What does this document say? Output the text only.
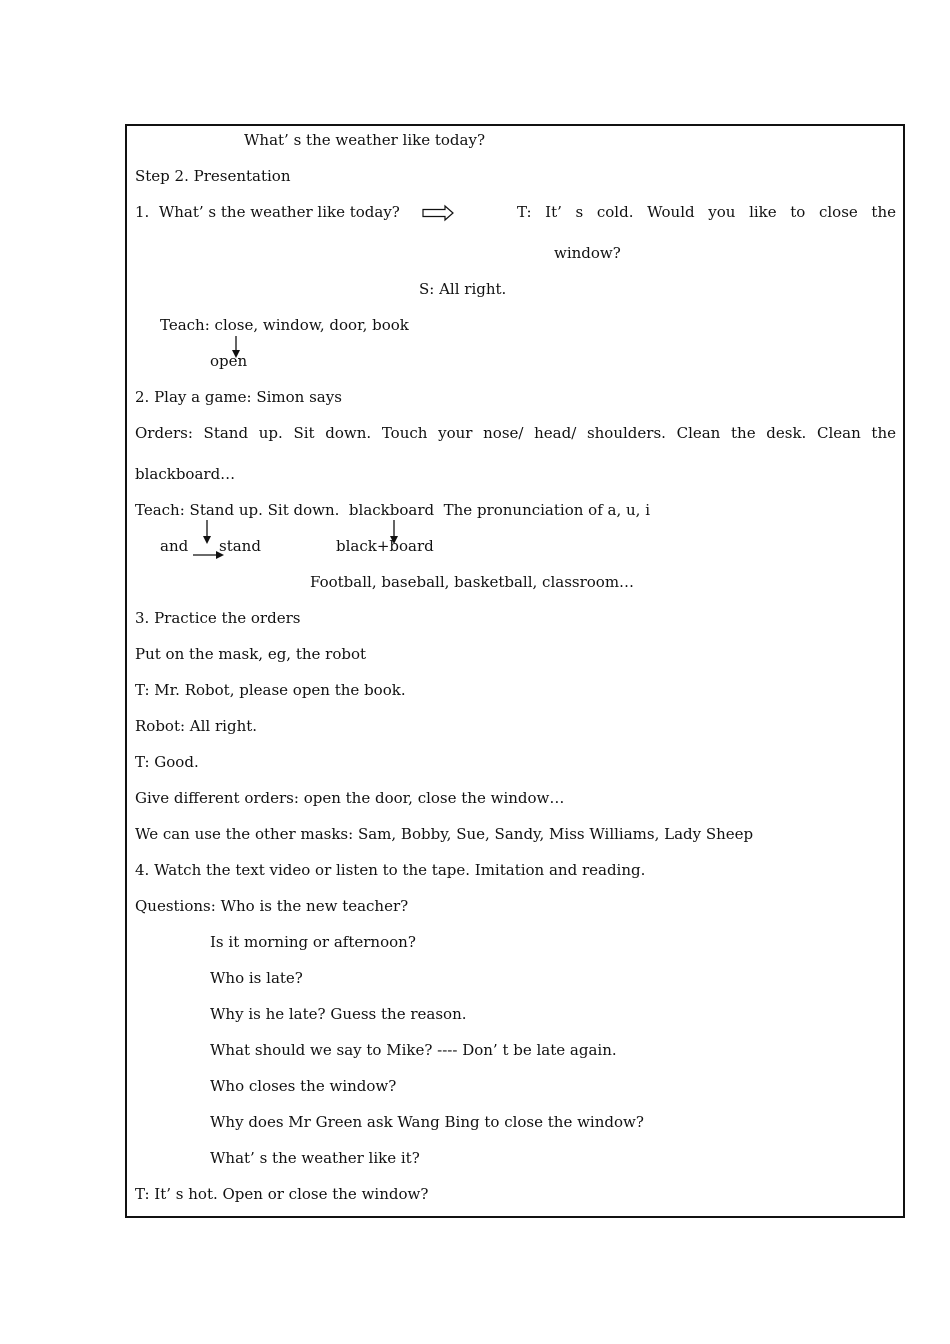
What’ s the weather like today?
Step 2. Presentation
1.  What’ s the weather like today?	T: It’ s cold. Would you like to close the
window?
S: All right.
Teach: close, window, door, book
open
2. Play a game: Simon says
Orders: Stand up. Sit down. Touch your nose/ head/ shoulders. Clean the desk. Clean the
blackboard…
Teach: Stand up. Sit down.  blackboard  The pronunciation of a, u, i
and stand	black+board
Football, baseball, basketball, classroom…
3. Practice the orders
Put on the mask, eg, the robot
T: Mr. Robot, please open the book.
Robot: All right.
T: Good.
Give different orders: open the door, close the window…
We can use the other masks: Sam, Bobby, Sue, Sandy, Miss Williams, Lady Sheep
4. Watch the text video or listen to the tape. Imitation and reading.
Questions: Who is the new teacher?
Is it morning or afternoon?
Who is late?
Why is he late? Guess the reason.
What should we say to Mike? ---- Don’ t be late again.
Who closes the window?
Why does Mr Green ask Wang Bing to close the window?
What’ s the weather like it?
T: It’ s hot. Open or close the window?
